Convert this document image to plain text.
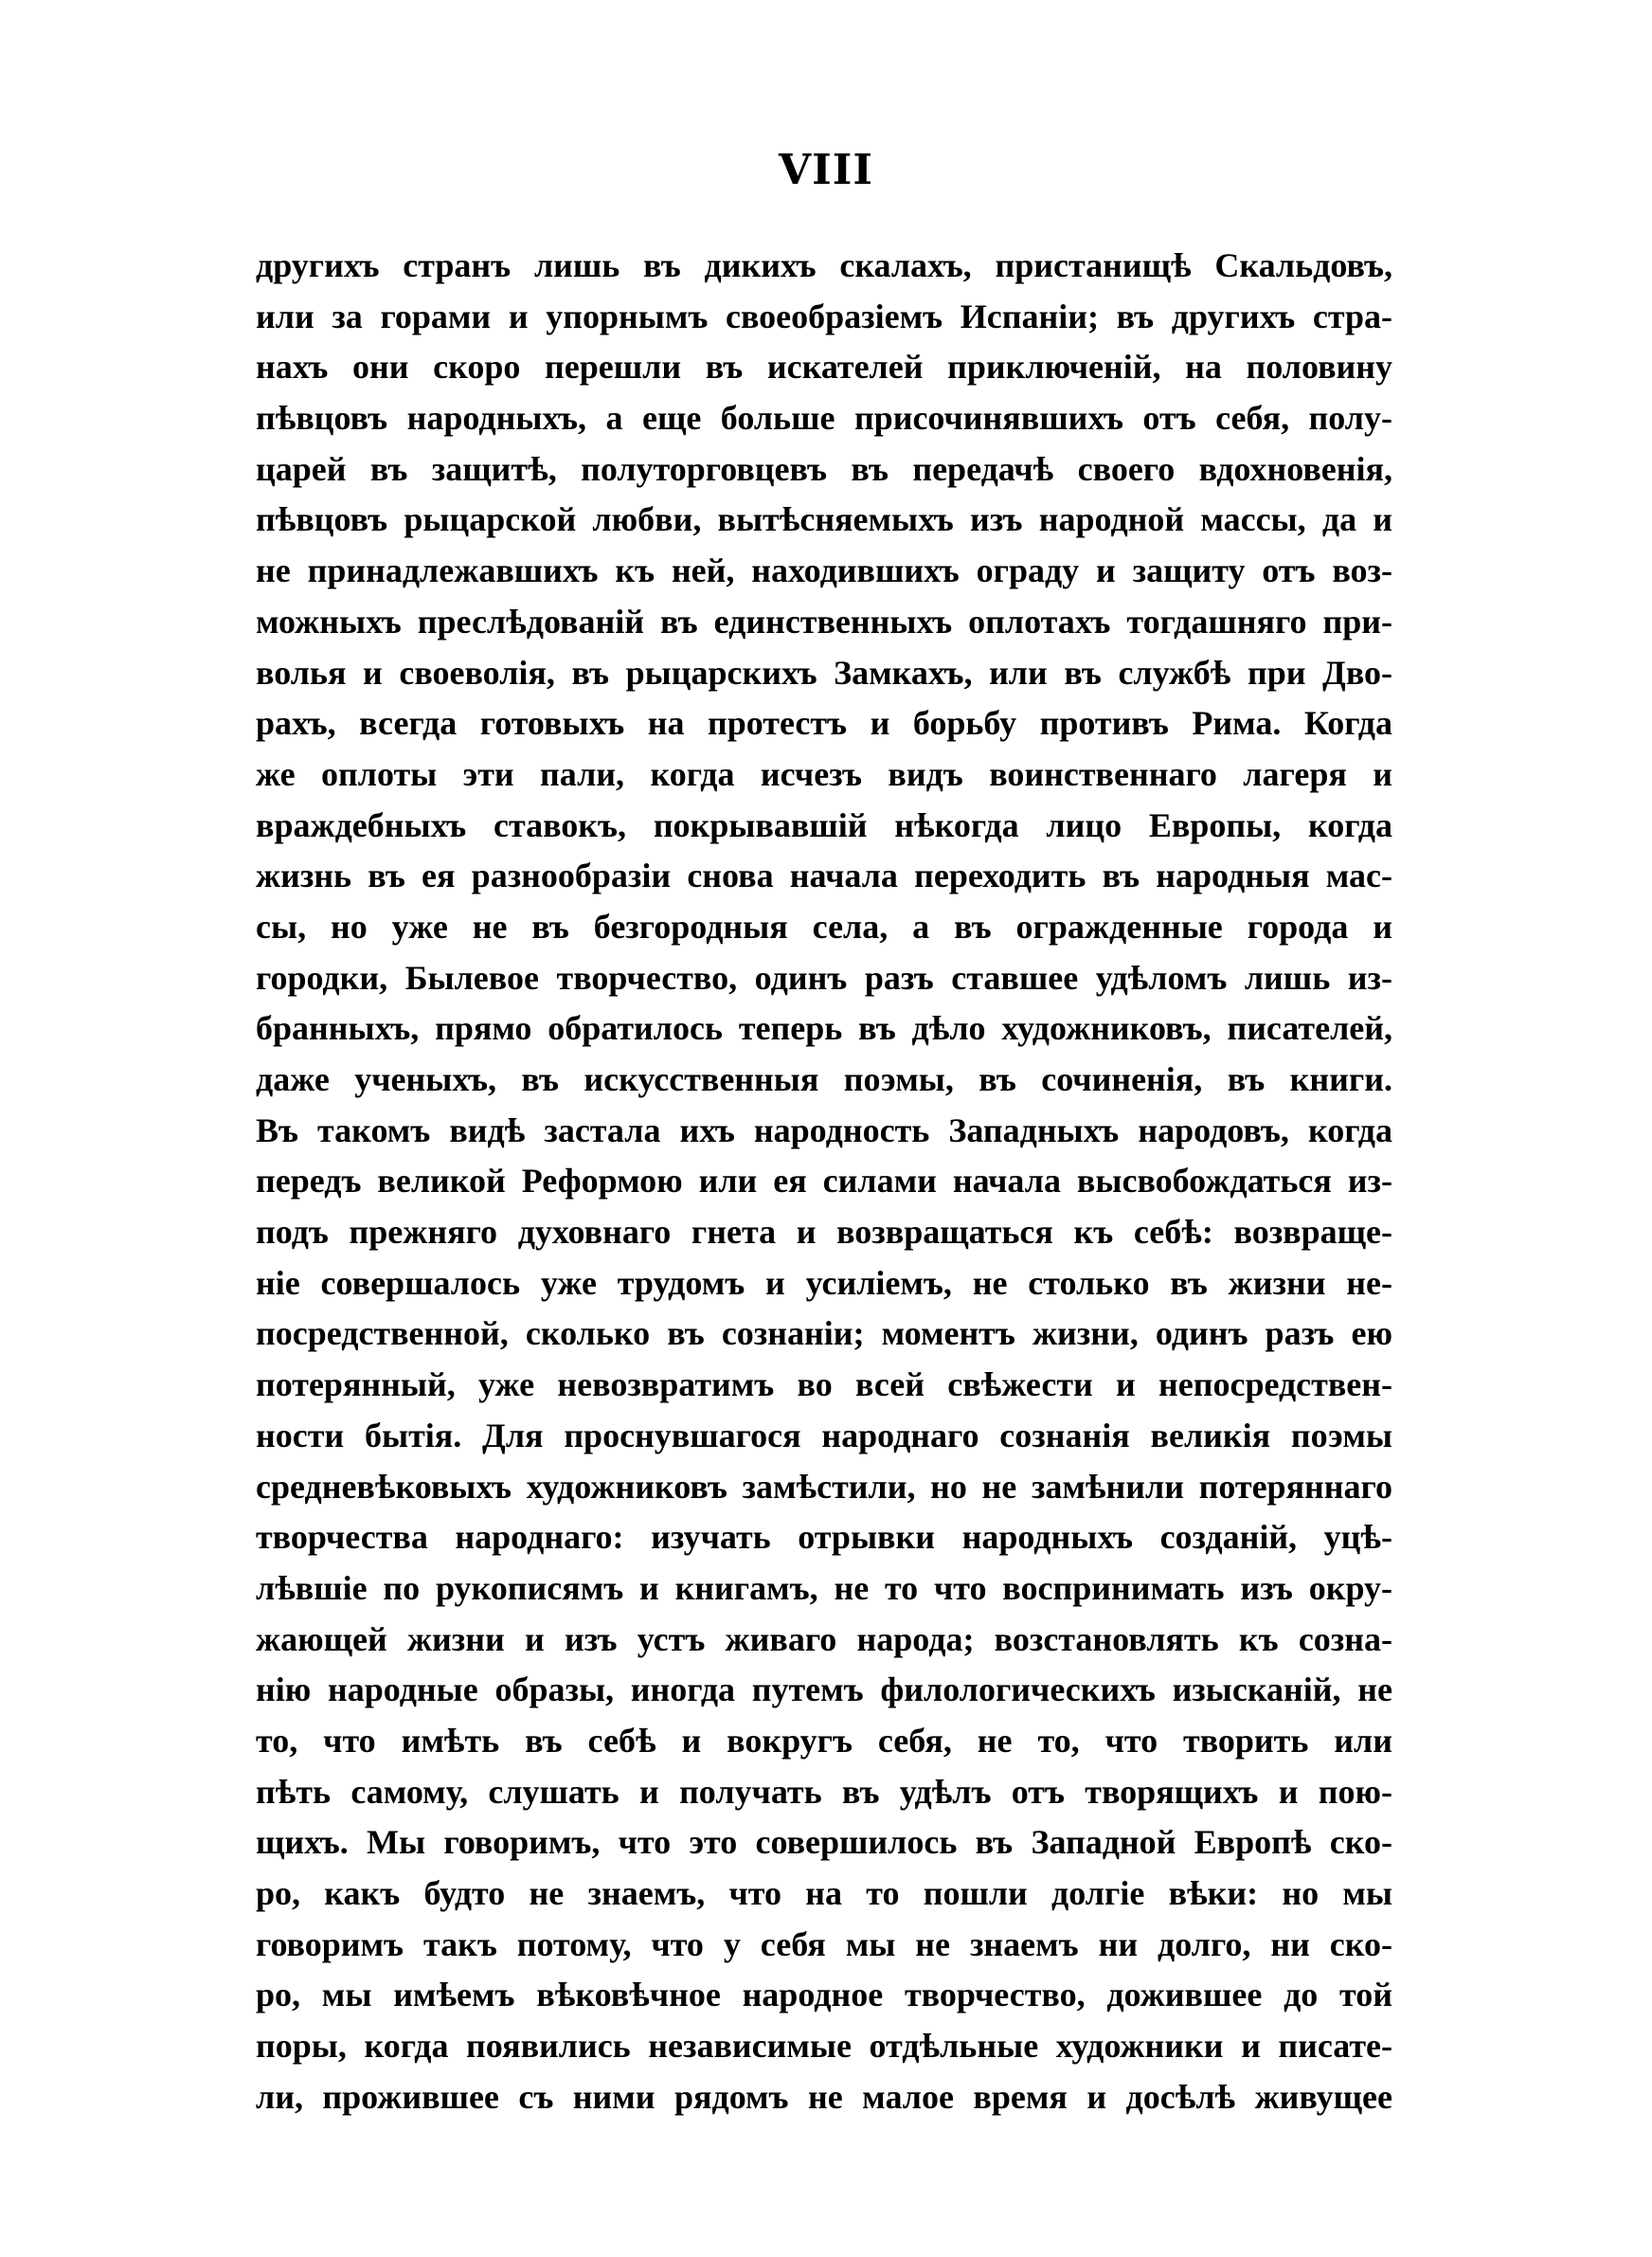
VIII
другихъ странъ лишь въ дикихъ скалахъ, пристанищѣ Скальдовъ,
или за горами и упорнымъ своеобразіемъ Испаніи; въ другихъ стра-
нахъ они скоро перешли въ искателей приключеній, на половину
пѣвцовъ народныхъ, а еще больше присочинявшихъ отъ себя, полу-
царей въ защитѣ, полуторговцевъ въ передачѣ своего вдохновенія,
пѣвцовъ рыцарской любви, вытѣсняемыхъ изъ народной массы, да и
не принадлежавшихъ къ ней, находившихъ ограду и защиту отъ воз-
можныхъ преслѣдованій въ единственныхъ оплотахъ тогдашняго при-
волья и своеволія, въ рыцарскихъ Замкахъ, или въ службѣ при Дво-
рахъ, всегда готовыхъ на протестъ и борьбу противъ Рима. Когда
же оплоты эти пали, когда исчезъ видъ воинственнаго лагеря и
враждебныхъ ставокъ, покрывавшій нѣкогда лицо Европы, когда
жизнь въ ея разнообразіи снова начала переходить въ народныя мас-
сы, но уже не въ безгородныя села, а въ огражденные города и
городки, Былевое творчество, одинъ разъ ставшее удѣломъ лишь из-
бранныхъ, прямо обратилось теперь въ дѣло художниковъ, писателей,
даже ученыхъ, въ искусственныя поэмы, въ сочиненія, въ книги.
Въ такомъ видѣ застала ихъ народность Западныхъ народовъ, когда
передъ великой Реформою или ея силами начала высвобождаться из-
подъ прежняго духовнаго гнета и возвращаться къ себѣ: возвраще-
ніе совершалось уже трудомъ и усиліемъ, не столько въ жизни не-
посредственной, сколько въ сознаніи; моментъ жизни, одинъ разъ ею
потерянный, уже невозвратимъ во всей свѣжести и непосредствен-
ности бытія. Для проснувшагося народнаго сознанія великія поэмы
средневѣковыхъ художниковъ замѣстили, но не замѣнили потеряннаго
творчества народнаго: изучать отрывки народныхъ созданій, уцѣ-
лѣвшіе по рукописямъ и книгамъ, не то что воспринимать изъ окру-
жающей жизни и изъ устъ живаго народа; возстановлять къ созна-
нію народные образы, иногда путемъ филологическихъ изысканій, не
то, что имѣть въ себѣ и вокругъ себя, не то, что творить или
пѣть самому, слушать и получать въ удѣлъ отъ творящихъ и пою-
щихъ. Мы говоримъ, что это совершилось въ Западной Европѣ ско-
ро, какъ будто не знаемъ, что на то пошли долгіе вѣки: но мы
говоримъ такъ потому, что у себя мы не знаемъ ни долго, ни ско-
ро, мы имѣемъ вѣковѣчное народное творчество, дожившее до той
поры, когда появились независимые отдѣльные художники и писате-
ли, прожившее съ ними рядомъ не малое время и досѣлѣ живущее
